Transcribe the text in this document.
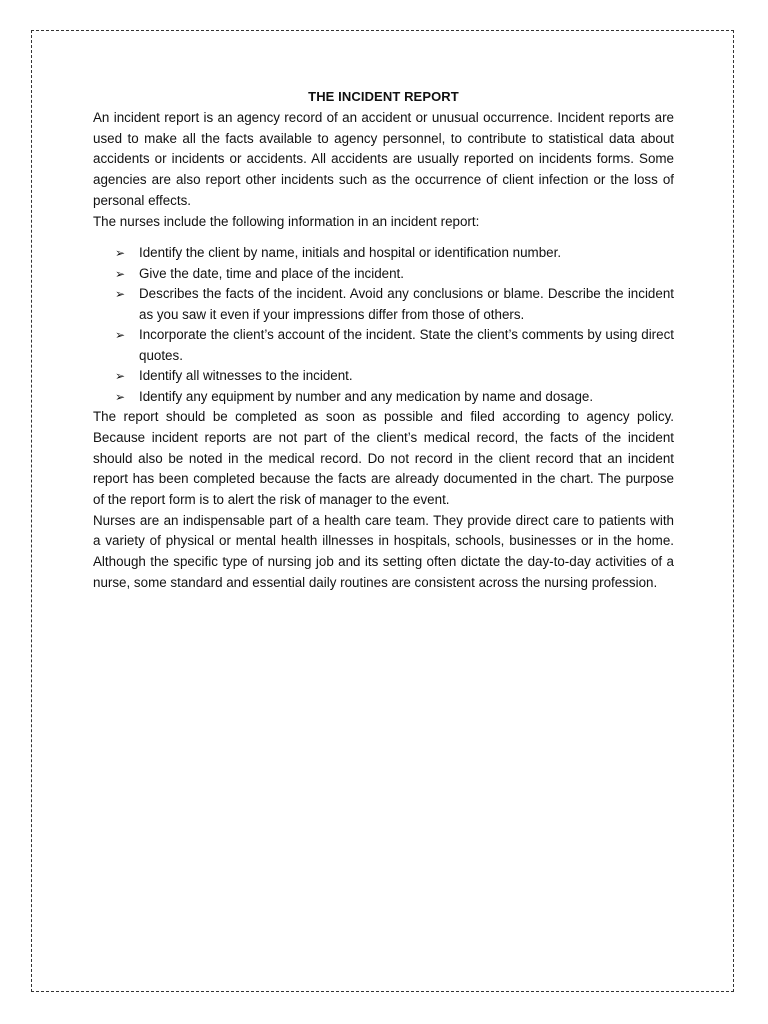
THE INCIDENT REPORT

An incident report is an agency record of an accident or unusual occurrence. Incident reports are used to make all the facts available to agency personnel, to contribute to statistical data about accidents or incidents or accidents. All accidents are usually reported on incidents forms. Some agencies are also report other incidents such as the occurrence of client infection or the loss of personal effects.

The nurses include the following information in an incident report:

➢ Identify the client by name, initials and hospital or identification number.
➢ Give the date, time and place of the incident.
➢ Describes the facts of the incident. Avoid any conclusions or blame. Describe the incident as you saw it even if your impressions differ from those of others.
➢ Incorporate the client’s account of the incident. State the client’s comments by using direct quotes.
➢ Identify all witnesses to the incident.
➢ Identify any equipment by number and any medication by name and dosage.

The report should be completed as soon as possible and filed according to agency policy. Because incident reports are not part of the client’s medical record, the facts of the incident should also be noted in the medical record. Do not record in the client record that an incident report has been completed because the facts are already documented in the chart. The purpose of the report form is to alert the risk of manager to the event.

Nurses are an indispensable part of a health care team. They provide direct care to patients with a variety of physical or mental health illnesses in hospitals, schools, businesses or in the home. Although the specific type of nursing job and its setting often dictate the day-to-day activities of a nurse, some standard and essential daily routines are consistent across the nursing profession.
